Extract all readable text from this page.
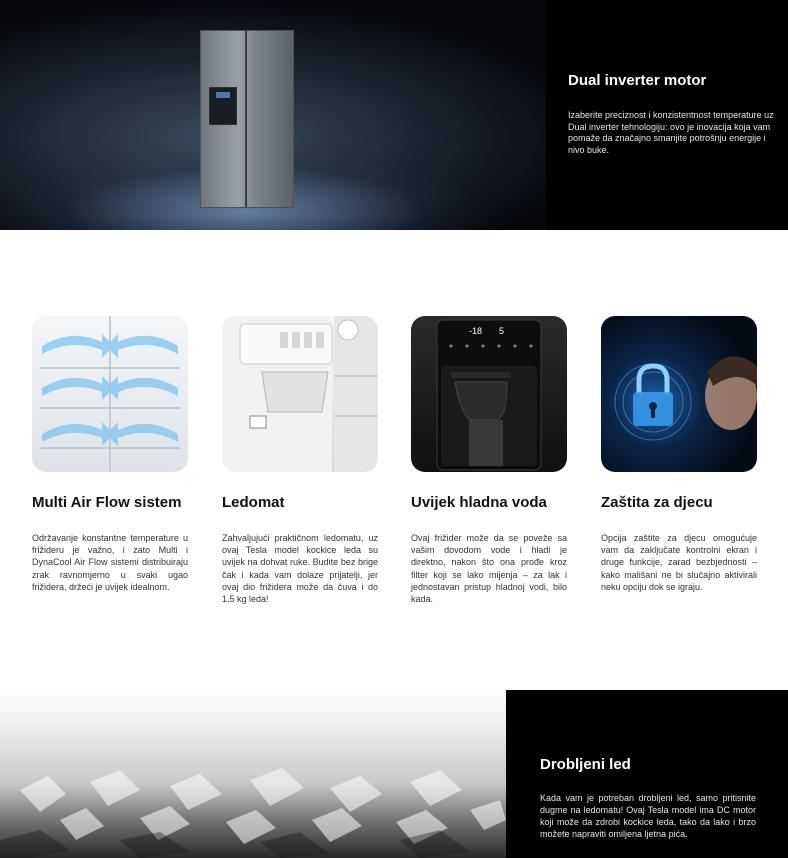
Dual inverter motor
Izaberite preciznost i konzistentnost temperature uz Dual inverter tehnologiju: ovo je inovacija koja vam pomaže da značajno smanjite potrošnju energije i nivo buke.
Multi Air Flow sistem
Održavanje konstantne temperature u frižideru je važno, i zato Multi i DynaCool Air Flow sistemi distribuiraju zrak ravnomjerno u svaki ugao frižidera, držeći je uvijek idealnom.
Ledomat
Zahvaljujući praktičnom ledomatu, uz ovaj Tesla model kockice leda su uvijek na dohvat ruke. Budite bez brige čak i kada vam dolaze prijatelji, jer ovaj dio frižidera može da čuva i do 1,5 kg leda!
-18 5
Uvijek hladna voda
Ovaj frižider može da se poveže sa vašim dovodom vode i hladi je direktno, nakon što ona prođe kroz filter koji se lako mijenja – za lak i jednostavan pristup hladnoj vodi, bilo kada.
Zaštita za djecu
Opcija zaštite za djecu omogućuje vam da zaključate kontrolni ekran i druge funkcije, zarad bezbjednosti – kako mališani ne bi slučajno aktivirali neku opciju dok se igraju.
Drobljeni led
Kada vam je potreban drobljeni led, samo pritisnite dugme na ledomatu! Ovaj Tesla model ima DC motor koji može da zdrobi kockice leda, tako da lako i brzo možete napraviti omiljena ljetna pića.
